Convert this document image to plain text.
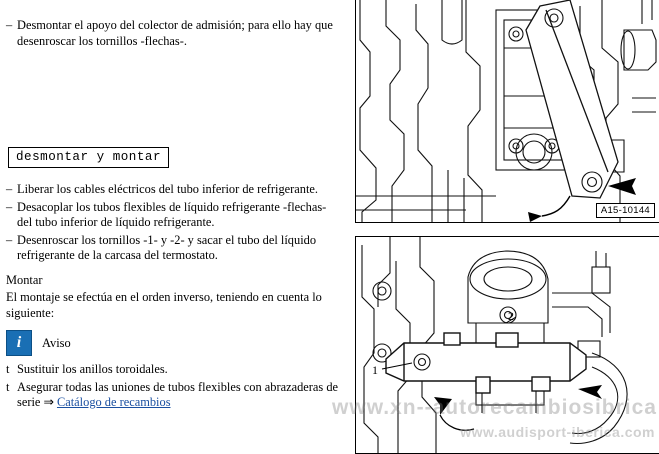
– Desmontar el apoyo del colector de admisión; para ello hay que desenroscar los tornillos -flechas-.
desmontar y montar
– Liberar los cables eléctricos del tubo inferior de refrigerante.
– Desacoplar los tubos flexibles de líquido refrigerante -flechas- del tubo inferior de líquido refrigerante.
– Desenroscar los tornillos -1- y -2- y sacar el tubo del líquido refrigerante de la carcasa del termostato.
Montar
El montaje se efectúa en el orden inverso, teniendo en cuenta lo siguiente:
i	Aviso
t Sustituir los anillos toroidales.
t Asegurar todas las uniones de tubos flexibles con abrazaderas de serie ⇒ Catálogo de recambios
A15-10144
1
2
www.xn--autorecambiosibrica
www.audisport-iberica.com
